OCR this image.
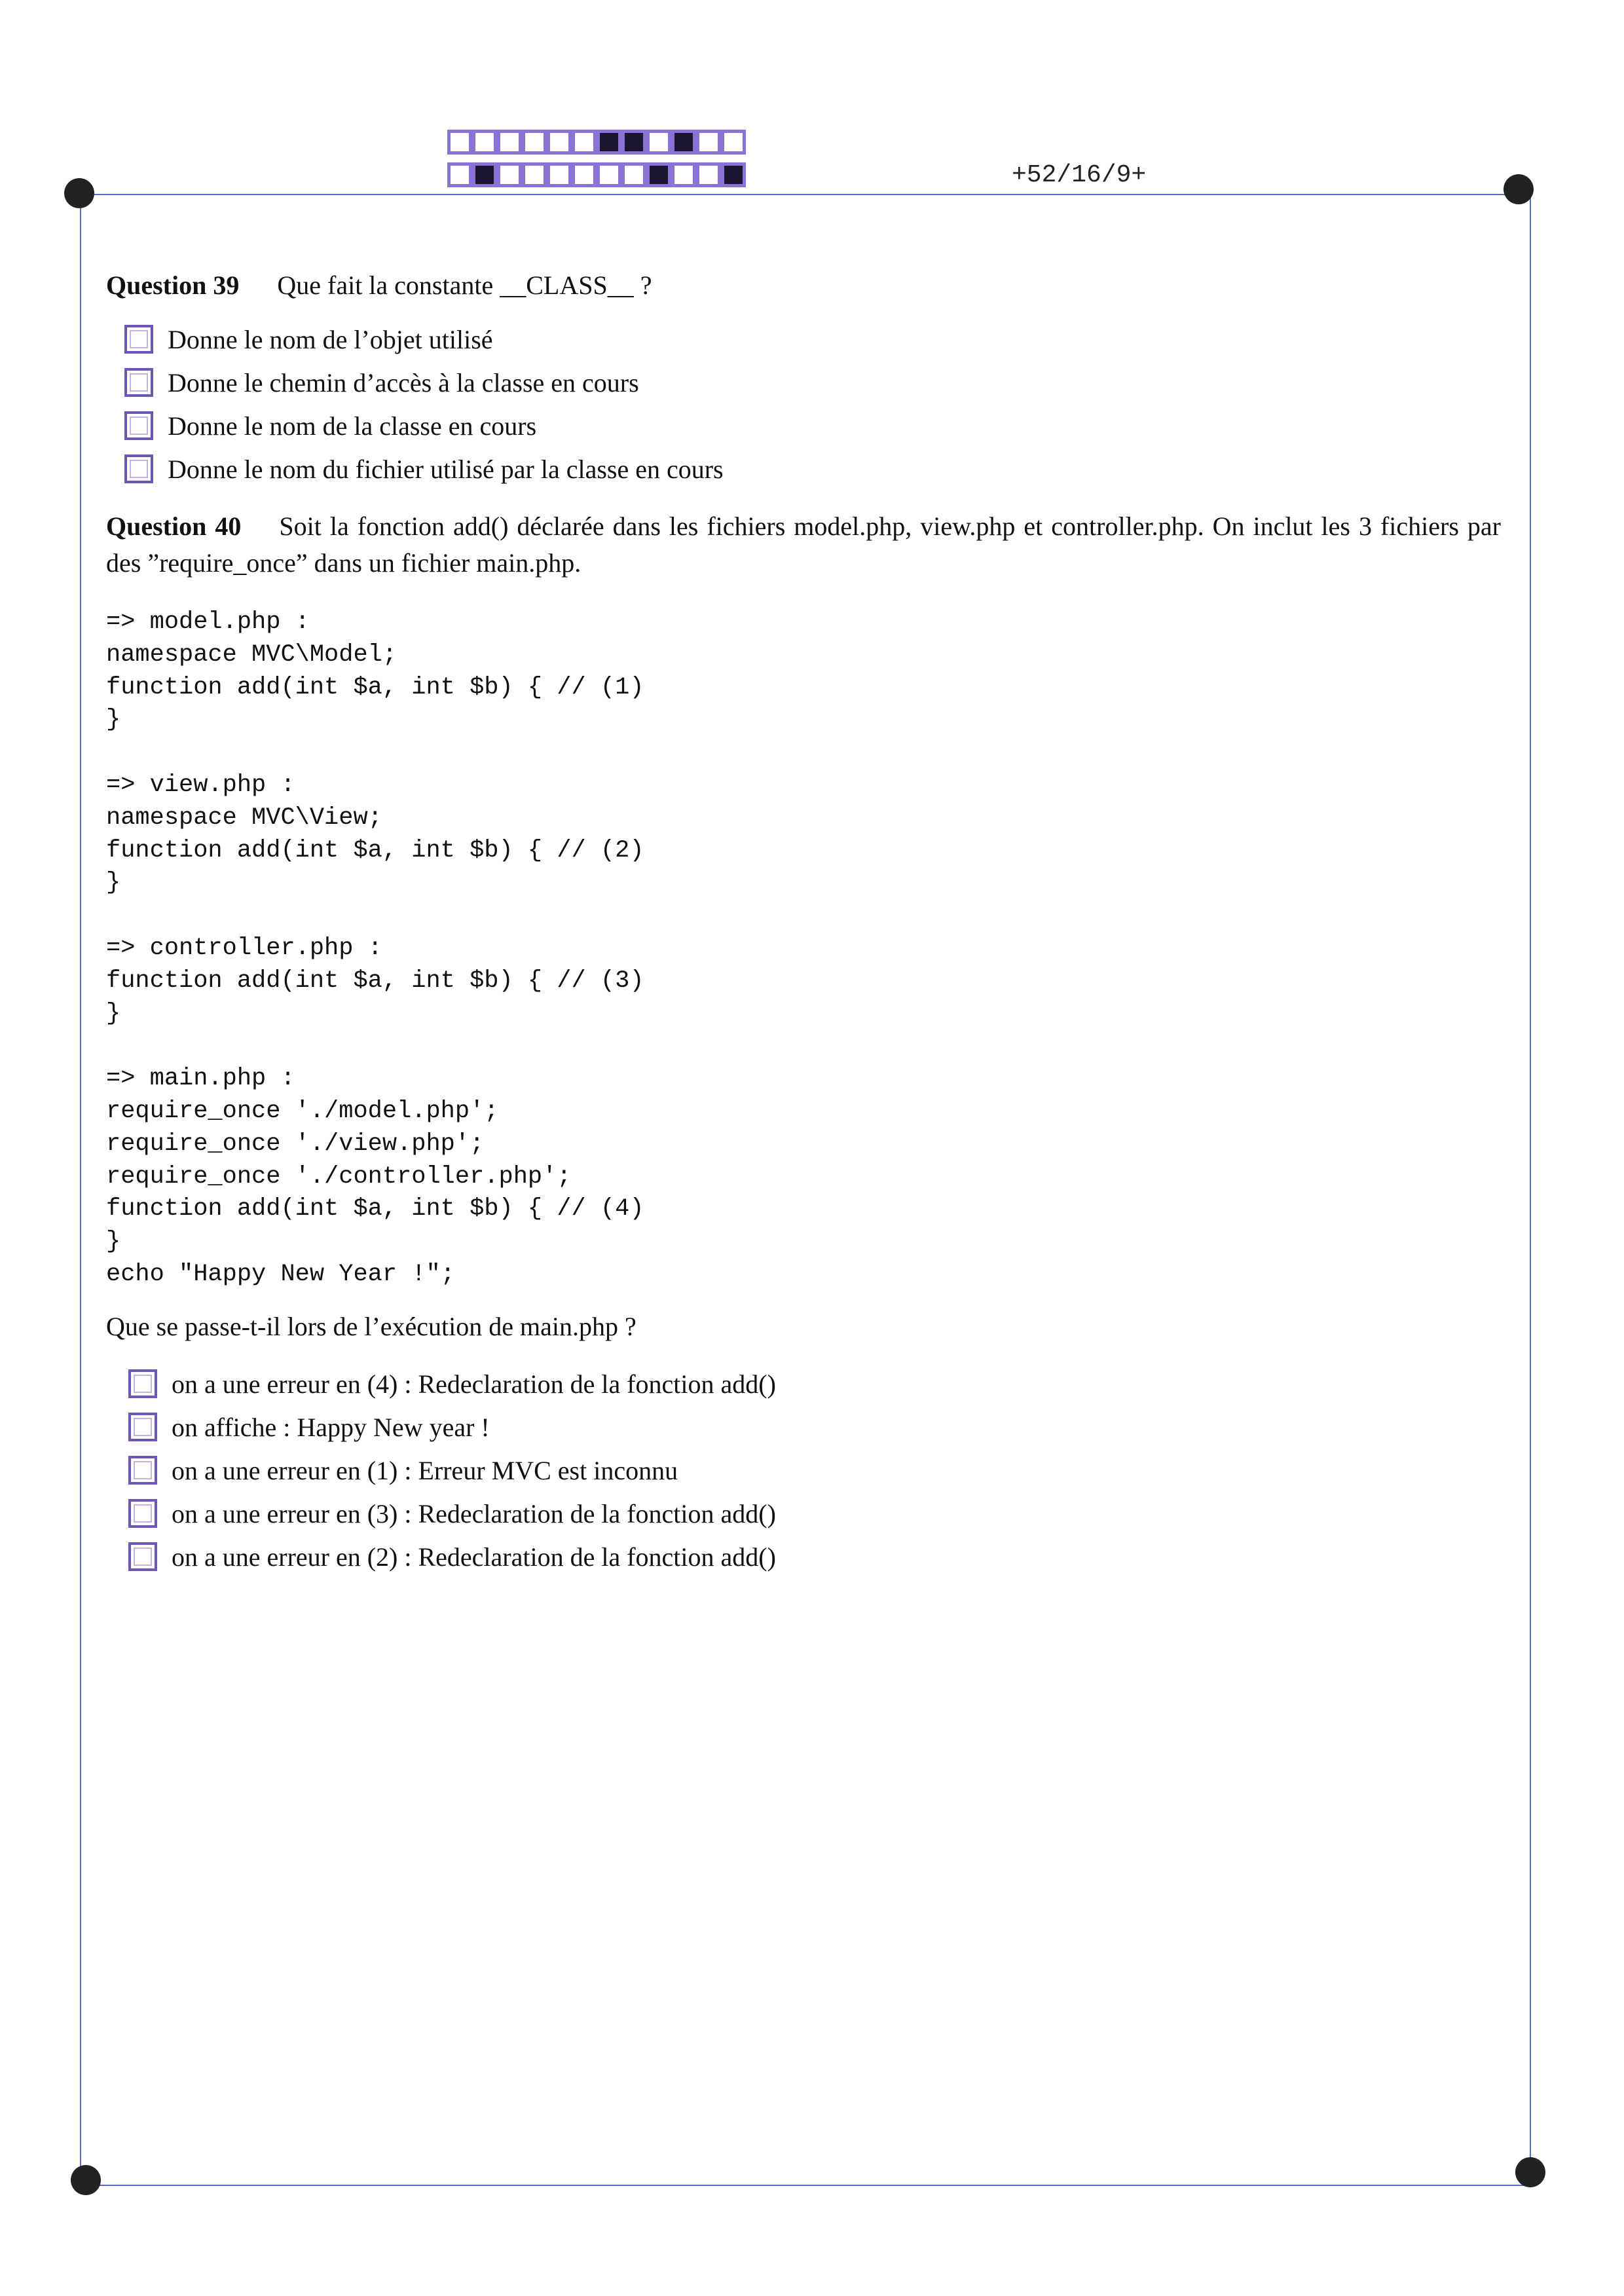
+52/16/9+
Question 39 Que fait la constante __CLASS__ ?
Donne le nom de l’objet utilisé
Donne le chemin d’accès à la classe en cours
Donne le nom de la classe en cours
Donne le nom du fichier utilisé par la classe en cours
Question 40 Soit la fonction add() déclarée dans les fichiers model.php, view.php et controller.php. On inclut les 3 fichiers par des ”require_once” dans un fichier main.php.
=> model.php :
namespace MVC\Model;
function add(int $a, int $b) { // (1)
}

=> view.php :
namespace MVC\View;
function add(int $a, int $b) { // (2)
}

=> controller.php :
function add(int $a, int $b) { // (3)
}

=> main.php :
require_once './model.php';
require_once './view.php';
require_once './controller.php';
function add(int $a, int $b) { // (4)
}
echo "Happy New Year !";
Que se passe-t-il lors de l’exécution de main.php ?
on a une erreur en (4) : Redeclaration de la fonction add()
on affiche : Happy New year !
on a une erreur en (1) : Erreur MVC est inconnu
on a une erreur en (3) : Redeclaration de la fonction add()
on a une erreur en (2) : Redeclaration de la fonction add()
